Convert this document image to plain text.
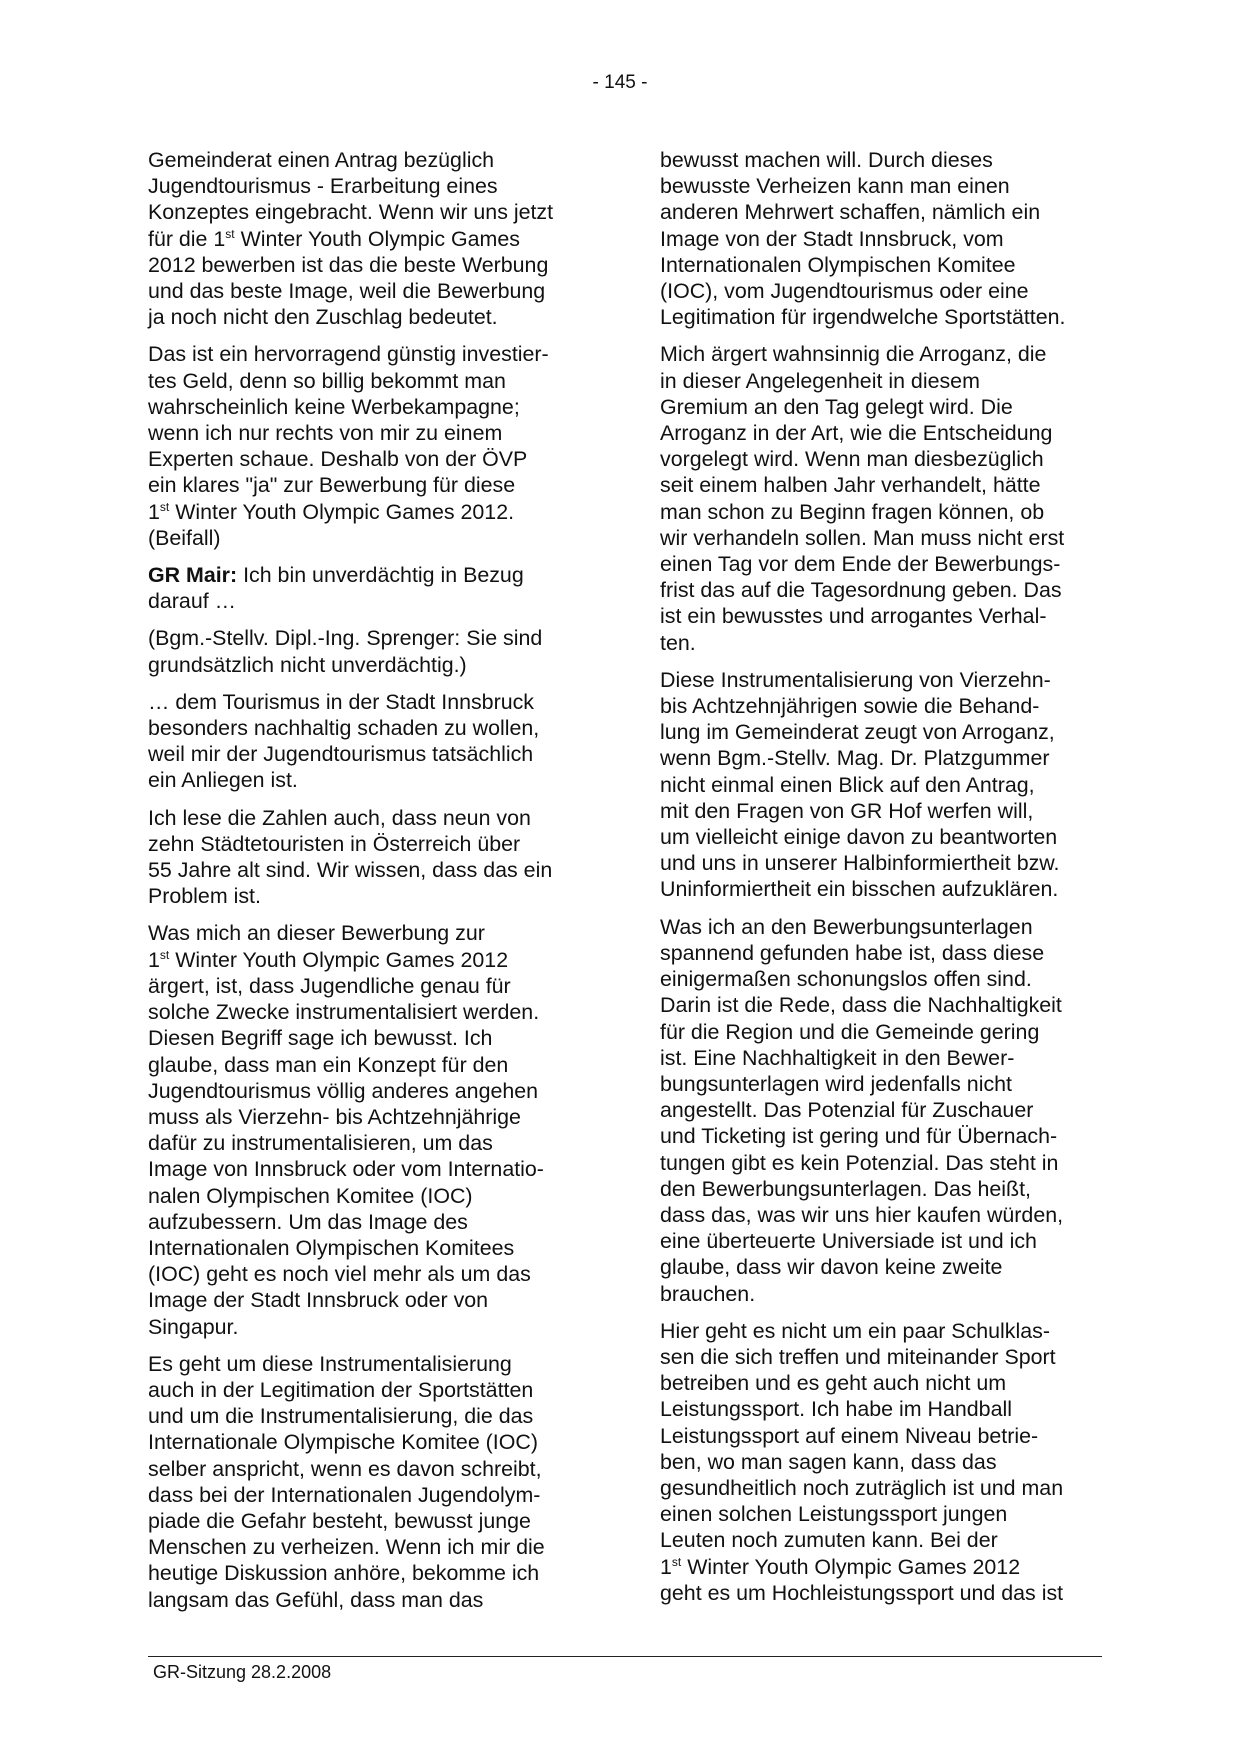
- 145 -

Gemeinderat einen Antrag bezüglich
Jugendtourismus - Erarbeitung eines
Konzeptes eingebracht. Wenn wir uns jetzt
für die 1st Winter Youth Olympic Games
2012 bewerben ist das die beste Werbung
und das beste Image, weil die Bewerbung
ja noch nicht den Zuschlag bedeutet.

Das ist ein hervorragend günstig investier-
tes Geld, denn so billig bekommt man
wahrscheinlich keine Werbekampagne;
wenn ich nur rechts von mir zu einem
Experten schaue. Deshalb von der ÖVP
ein klares "ja" zur Bewerbung für diese
1st Winter Youth Olympic Games 2012.
(Beifall)

GR Mair: Ich bin unverdächtig in Bezug
darauf …

(Bgm.-Stellv. Dipl.-Ing. Sprenger: Sie sind
grundsätzlich nicht unverdächtig.)

… dem Tourismus in der Stadt Innsbruck
besonders nachhaltig schaden zu wollen,
weil mir der Jugendtourismus tatsächlich
ein Anliegen ist.

Ich lese die Zahlen auch, dass neun von
zehn Städtetouristen in Österreich über
55 Jahre alt sind. Wir wissen, dass das ein
Problem ist.

Was mich an dieser Bewerbung zur
1st Winter Youth Olympic Games 2012
ärgert, ist, dass Jugendliche genau für
solche Zwecke instrumentalisiert werden.
Diesen Begriff sage ich bewusst. Ich
glaube, dass man ein Konzept für den
Jugendtourismus völlig anderes angehen
muss als Vierzehn- bis Achtzehnjährige
dafür zu instrumentalisieren, um das
Image von Innsbruck oder vom Internatio-
nalen Olympischen Komitee (IOC)
aufzubessern. Um das Image des
Internationalen Olympischen Komitees
(IOC) geht es noch viel mehr als um das
Image der Stadt Innsbruck oder von
Singapur.

Es geht um diese Instrumentalisierung
auch in der Legitimation der Sportstätten
und um die Instrumentalisierung, die das
Internationale Olympische Komitee (IOC)
selber anspricht, wenn es davon schreibt,
dass bei der Internationalen Jugendolym-
piade die Gefahr besteht, bewusst junge
Menschen zu verheizen. Wenn ich mir die
heutige Diskussion anhöre, bekomme ich
langsam das Gefühl, dass man das

bewusst machen will. Durch dieses
bewusste Verheizen kann man einen
anderen Mehrwert schaffen, nämlich ein
Image von der Stadt Innsbruck, vom
Internationalen Olympischen Komitee
(IOC), vom Jugendtourismus oder eine
Legitimation für irgendwelche Sportstätten.

Mich ärgert wahnsinnig die Arroganz, die
in dieser Angelegenheit in diesem
Gremium an den Tag gelegt wird. Die
Arroganz in der Art, wie die Entscheidung
vorgelegt wird. Wenn man diesbezüglich
seit einem halben Jahr verhandelt, hätte
man schon zu Beginn fragen können, ob
wir verhandeln sollen. Man muss nicht erst
einen Tag vor dem Ende der Bewerbungs-
frist das auf die Tagesordnung geben. Das
ist ein bewusstes und arrogantes Verhal-
ten.

Diese Instrumentalisierung von Vierzehn-
bis Achtzehnjährigen sowie die Behand-
lung im Gemeinderat zeugt von Arroganz,
wenn Bgm.-Stellv. Mag. Dr. Platzgummer
nicht einmal einen Blick auf den Antrag,
mit den Fragen von GR Hof werfen will,
um vielleicht einige davon zu beantworten
und uns in unserer Halbinformiertheit bzw.
Uninformiertheit ein bisschen aufzuklären.

Was ich an den Bewerbungsunterlagen
spannend gefunden habe ist, dass diese
einigermaßen schonungslos offen sind.
Darin ist die Rede, dass die Nachhaltigkeit
für die Region und die Gemeinde gering
ist. Eine Nachhaltigkeit in den Bewer-
bungsunterlagen wird jedenfalls nicht
angestellt. Das Potenzial für Zuschauer
und Ticketing ist gering und für Übernach-
tungen gibt es kein Potenzial. Das steht in
den Bewerbungsunterlagen. Das heißt,
dass das, was wir uns hier kaufen würden,
eine überteuerte Universiade ist und ich
glaube, dass wir davon keine zweite
brauchen.

Hier geht es nicht um ein paar Schulklas-
sen die sich treffen und miteinander Sport
betreiben und es geht auch nicht um
Leistungssport. Ich habe im Handball
Leistungssport auf einem Niveau betrie-
ben, wo man sagen kann, dass das
gesundheitlich noch zuträglich ist und man
einen solchen Leistungssport jungen
Leuten noch zumuten kann. Bei der
1st Winter Youth Olympic Games 2012
geht es um Hochleistungssport und das ist

GR-Sitzung 28.2.2008
